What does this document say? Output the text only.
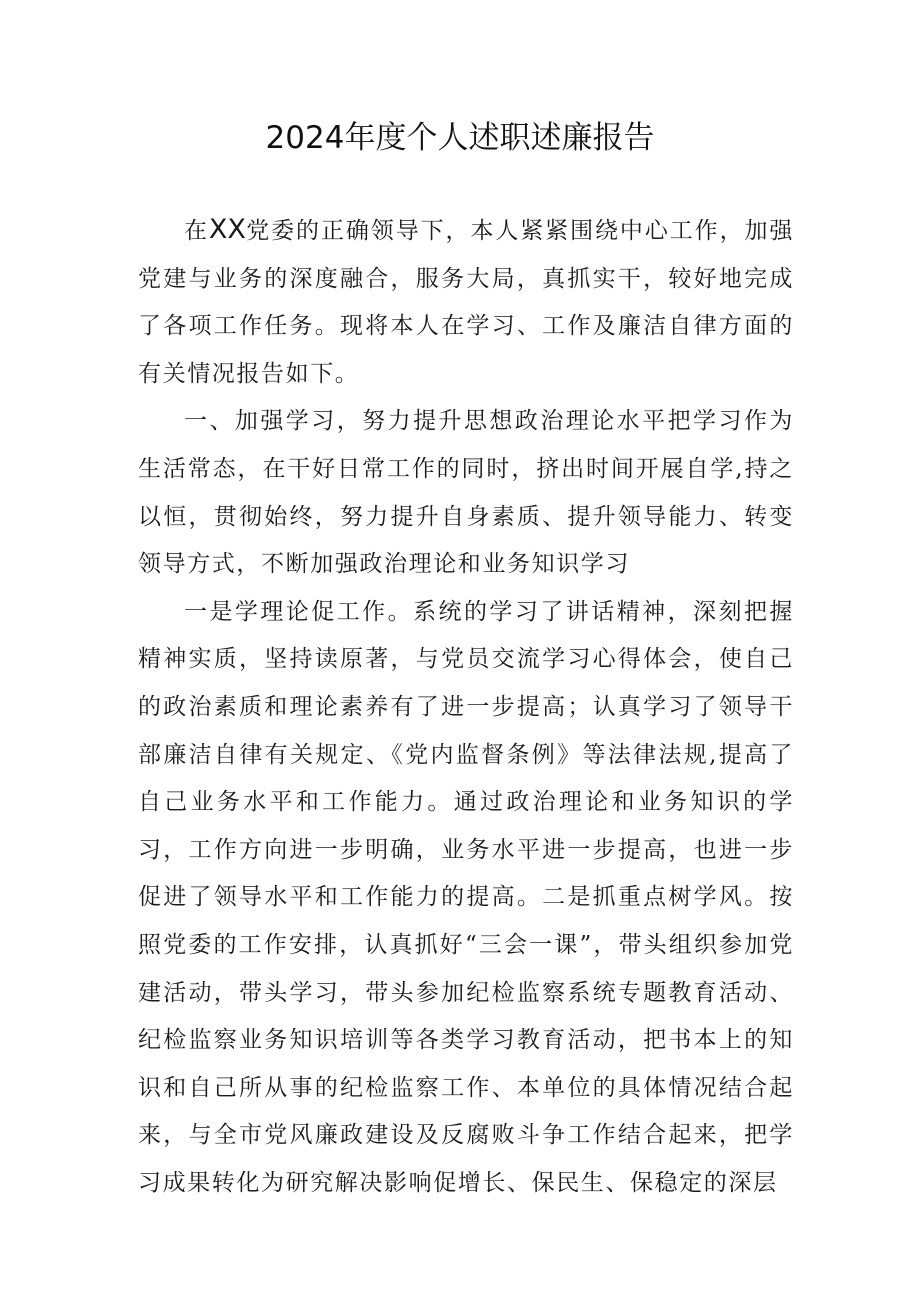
2024年度个人述职述廉报告

在XX党委的正确领导下，本人紧紧围绕中心工作，加强党建与业务的深度融合，服务大局，真抓实干，较好地完成了各项工作任务。现将本人在学习、工作及廉洁自律方面的有关情况报告如下。

一、加强学习，努力提升思想政治理论水平把学习作为生活常态，在干好日常工作的同时，挤出时间开展自学,持之以恒，贯彻始终，努力提升自身素质、提升领导能力、转变领导方式，不断加强政治理论和业务知识学习

一是学理论促工作。系统的学习了讲话精神，深刻把握精神实质，坚持读原著，与党员交流学习心得体会，使自己的政治素质和理论素养有了进一步提高；认真学习了领导干部廉洁自律有关规定、《党内监督条例》等法律法规,提高了自己业务水平和工作能力。通过政治理论和业务知识的学习，工作方向进一步明确，业务水平进一步提高，也进一步促进了领导水平和工作能力的提高。二是抓重点树学风。按照党委的工作安排，认真抓好“三会一课”，带头组织参加党建活动，带头学习，带头参加纪检监察系统专题教育活动、纪检监察业务知识培训等各类学习教育活动，把书本上的知识和自己所从事的纪检监察工作、本单位的具体情况结合起来，与全市党风廉政建设及反腐败斗争工作结合起来，把学习成果转化为研究解决影响促增长、保民生、保稳定的深层
